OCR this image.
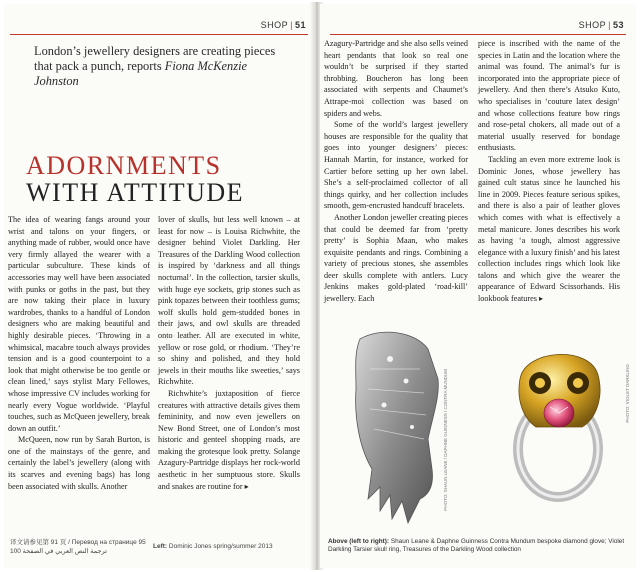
SHOP | 51
London’s jewellery designers are creating pieces that pack a punch, reports Fiona McKenzie Johnston
ADORNMENTS
WITH ATTITUDE

The idea of wearing fangs around your wrist and talons on your fingers, or anything made of rubber, would once have very firmly allayed the wearer with a particular subculture. These kinds of accessories may well have been associated with punks or goths in the past, but they are now taking their place in luxury wardrobes, thanks to a handful of London designers who are making beautiful and highly desirable pieces. ‘Throwing in a whimsical, macabre touch always provides tension and is a good counterpoint to a look that might otherwise be too gentle or clean lined,’ says stylist Mary Fellowes, whose impressive CV includes working for nearly every Vogue worldwide. ‘Playful touches, such as McQueen jewellery, break down an outfit.’

McQueen, now run by Sarah Burton, is one of the mainstays of the genre, and certainly the label’s jewellery (along with its scarves and evening bags) has long been associated with skulls. Another

lover of skulls, but less well known – at least for now – is Louisa Richwhite, the designer behind Violet Darkling. Her Treasures of the Darkling Wood collection is inspired by ‘darkness and all things nocturnal’. In the collection, tarsier skulls, with huge eye sockets, grip stones such as pink topazes between their toothless gums; wolf skulls hold gem-studded bones in their jaws, and owl skulls are threaded onto leather. All are executed in white, yellow or rose gold, or rhodium. ‘They’re so shiny and polished, and they hold jewels in their mouths like sweeties,’ says Richwhite.

Richwhite’s juxtaposition of fierce creatures with attractive details gives them femininity, and now even jewellers on New Bond Street, one of London’s most historic and genteel shopping roads, are making the grotesque look pretty. Solange Azagury-Partridge displays her rock-world aesthetic in her sumptuous store. Skulls and snakes are routine for ▸

译文请参见第 91 页 / Перевод на странице 95
ترجمة النص العربي في الصفحة 100
Left: Dominic Jones spring/summer 2013
SHOP | 53

Azagury-Partridge and she also sells veined heart pendants that look so real one wouldn’t be surprised if they started throbbing. Boucheron has long been associated with serpents and Chaumet’s Attrape-moi collection was based on spiders and webs.

Some of the world’s largest jewellery houses are responsible for the quality that goes into younger designers’ pieces: Hannah Martin, for instance, worked for Cartier before setting up her own label. She’s a self-proclaimed collector of all things quirky, and her collection includes smooth, gem-encrusted handcuff bracelets.

Another London jeweller creating pieces that could be deemed far from ‘pretty pretty’ is Sophia Maan, who makes exquisite pendants and rings. Combining a variety of precious stones, she assembles deer skulls complete with antlers. Lucy Jenkins makes gold-plated ‘road-kill’ jewellery. Each

piece is inscribed with the name of the species in Latin and the location where the animal was found. The animal’s fur is incorporated into the appropriate piece of jewellery. And then there’s Atsuko Kuto, who specialises in ‘couture latex design’ and whose collections feature bow rings and rose-petal chokers, all made out of a material usually reserved for bondage enthusiasts.

Tackling an even more extreme look is Dominic Jones, whose jewellery has gained cult status since he launched his line in 2009. Pieces feature serious spikes, and there is also a pair of leather gloves which comes with what is effectively a metal manicure. Jones describes his work as having ‘a tough, almost aggressive elegance with a luxury finish’ and his latest collection includes rings which look like talons and which give the wearer the appearance of Edward Scissorhands. His lookbook features ▸

PHOTO: SHAUN LEANE / DAPHNE GUINNESS / CONTRA MUNDUM	PHOTO: VIOLET DARKLING
Above (left to right): Shaun Leane & Daphne Guinness Contra Mundum bespoke diamond glove; Violet Darkling Tarsier skull ring, Treasures of the Darkling Wood collection
